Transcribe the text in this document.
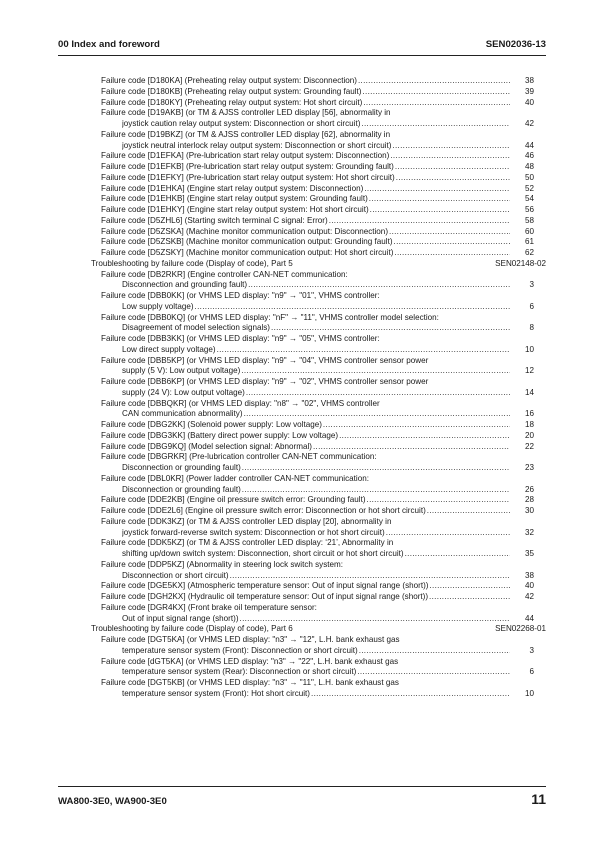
00 Index and foreword	SEN02036-13
Failure code [D180KA] (Preheating relay output system: Disconnection) .....	38
Failure code [D180KB] (Preheating relay output system: Grounding fault) .....	39
Failure code [D180KY] (Preheating relay output system: Hot short circuit) .....	40
Failure code [D19AKB] (or TM & AJSS controller LED display [56], abnormality in
joystick caution relay output system: Disconnection or short circuit) .....	42
Failure code [D19BKZ] (or TM & AJSS controller LED display [62], abnormality in
joystick neutral interlock relay output system: Disconnection or short circuit) .....	44
Failure code [D1EFKA] (Pre-lubrication start relay output system: Disconnection) .....	46
Failure code [D1EFKB] (Pre-lubrication start relay output system: Grounding fault) .....	48
Failure code [D1EFKY] (Pre-lubrication start relay output system: Hot short circuit) .....	50
Failure code [D1EHKA] (Engine start relay output system: Disconnection) .....	52
Failure code [D1EHKB] (Engine start relay output system: Grounding fault) .....	54
Failure code [D1EHKY] (Engine start relay output system: Hot short circuit) .....	56
Failure code [D5ZHL6] (Starting switch terminal C signal: Error) .....	58
Failure code [D5ZSKA] (Machine monitor communication output: Disconnection) .....	60
Failure code [D5ZSKB] (Machine monitor communication output: Grounding fault) .....	61
Failure code [D5ZSKY] (Machine monitor communication output: Hot short circuit) .....	62
Troubleshooting by failure code (Display of code), Part 5	SEN02148-02
Failure code [DB2RKR] (Engine controller CAN-NET communication:
Disconnection and grounding fault) .....	3
Failure code [DBB0KK] (or VHMS LED display: "n9" → "01", VHMS controller:
Low supply voltage) .....	6
Failure code [DBB0KQ] (or VHMS LED display: "nF" → "11", VHMS controller model selection:
Disagreement of model selection signals) .....	8
Failure code [DBB3KK] (or VHMS LED display: "n9" → "05", VHMS controller:
Low direct supply voltage) .....	10
Failure code [DBB5KP] (or VHMS LED display: "n9" → "04", VHMS controller sensor power
supply (5 V): Low output voltage) .....	12
Failure code [DBB6KP] (or VHMS LED display: "n9" → "02", VHMS controller sensor power
supply (24 V): Low output voltage) .....	14
Failure code [DBBQKR] (or VHMS LED display: "n8" → "02", VHMS controller
CAN communication abnormality) .....	16
Failure code [DBG2KK] (Solenoid power supply: Low voltage) .....	18
Failure code [DBG3KK] (Battery direct power supply: Low voltage) .....	20
Failure code [DBG9KQ] (Model selection signal: Abnormal) .....	22
Failure code [DBGRKR] (Pre-lubrication controller CAN-NET communication:
Disconnection or grounding fault) .....	23
Failure code [DBL0KR] (Power ladder controller CAN-NET communication:
Disconnection or grounding fault) .....	26
Failure code [DDE2KB] (Engine oil pressure switch error: Grounding fault) .....	28
Failure code [DDE2L6] (Engine oil pressure switch error: Disconnection or hot short circuit) .....	30
Failure code [DDK3KZ] (or TM & AJSS controller LED display [20], abnormality in
joystick forward-reverse switch system: Disconnection or hot short circuit) .....	32
Failure code [DDK5KZ] (or TM & AJSS controller LED display: ‘21’, Abnormality in
shifting up/down switch system: Disconnection, short circuit or hot short circuit) .....	35
Failure code [DDP5KZ] (Abnormality in steering lock switch system:
Disconnection or short circuit) .....	38
Failure code [DGE5KX] (Atmospheric temperature sensor: Out of input signal range (short)) .....	40
Failure code [DGH2KX] (Hydraulic oil temperature sensor: Out of input signal range (short)) .....	42
Failure code [DGR4KX] (Front brake oil temperature sensor:
Out of input signal range (short)) .....	44
Troubleshooting by failure code (Display of code), Part 6	SEN02268-01
Failure code [DGT5KA] (or VHMS LED display: "n3" → "12", L.H. bank exhaust gas
temperature sensor system (Front): Disconnection or short circuit) .....	3
Failure code [dGT5KA] (or VHMS LED display: "n3" → "22", L.H. bank exhaust gas
temperature sensor system (Rear): Disconnection or short circuit) .....	6
Failure code [DGT5KB] (or VHMS LED display: "n3" → "11", L.H. bank exhaust gas
temperature sensor system (Front): Hot short circuit) .....	10
WA800-3E0, WA900-3E0	11
